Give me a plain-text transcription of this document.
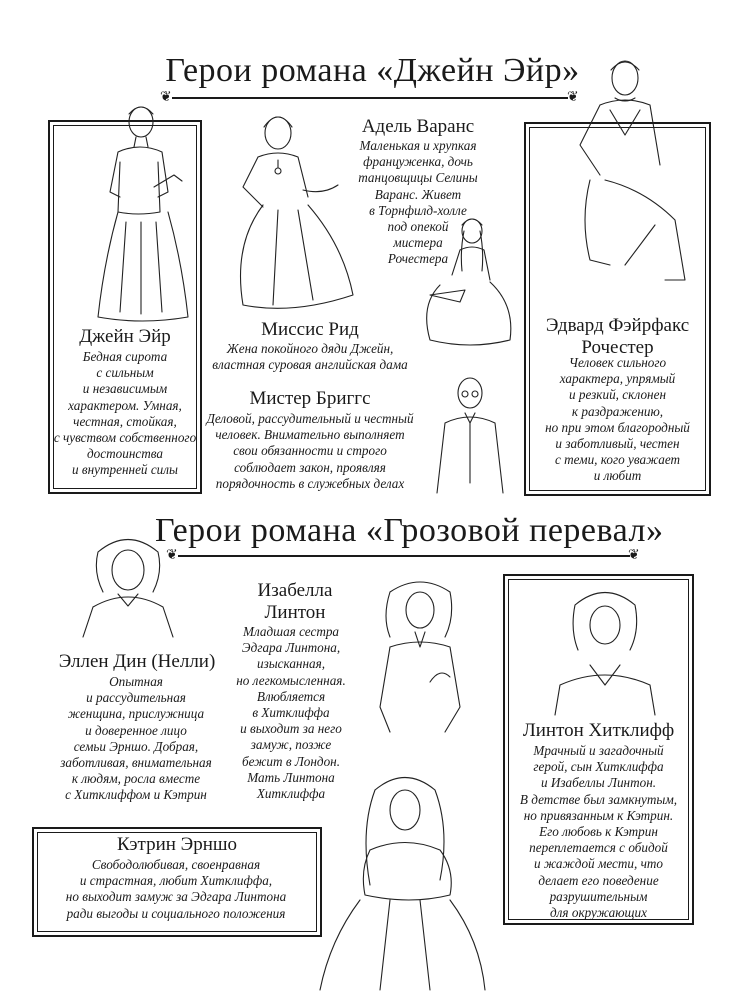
Герои романа «Джейн Эйр»
❦	❦
Джейн Эйр
Бедная сирота
с сильным
и независимым
характером. Умная,
честная, стойкая,
с чувством собственного
достоинства
и внутренней силы
Миссис Рид
Жена покойного дяди Джейн,
властная суровая английская дама
Адель Варанс
Маленькая и хрупкая
француженка, дочь
танцовщицы Селины
Варанс. Живет
в Торнфилд-холле
под опекой
мистера
Рочестера
Мистер Бриггс
Деловой, рассудительный и честный
человек. Внимательно выполняет
свои обязанности и строго
соблюдает закон, проявляя
порядочность в служебных делах
Эдвард Фэйрфакс
Рочестер
Человек сильного
характера, упрямый
и резкий, склонен
к раздражению,
но при этом благородный
и заботливый, честен
с теми, кого уважает
и любит
Герои романа «Грозовой перевал»
❦	❦
Эллен Дин (Нелли)
Опытная
и рассудительная
женщина, прислужница
и доверенное лицо
семьи Эрншо. Добрая,
заботливая, внимательная
к людям, росла вместе
с Хитклиффом и Кэтрин
Изабелла
Линтон
Младшая сестра
Эдгара Линтона,
изысканная,
но легкомысленная.
Влюбляется
в Хитклиффа
и выходит за него
замуж, позже
бежит в Лондон.
Мать Линтона
Хитклиффа
Линтон Хитклифф
Мрачный и загадочный
герой, сын Хитклиффа
и Изабеллы Линтон.
В детстве был замкнутым,
но привязанным к Кэтрин.
Его любовь к Кэтрин
переплетается с обидой
и жаждой мести, что
делает его поведение
разрушительным
для окружающих
Кэтрин Эрншо
Свободолюбивая, своенравная
и страстная, любит Хитклиффа,
но выходит замуж за Эдгара Линтона
ради выгоды и социального положения
